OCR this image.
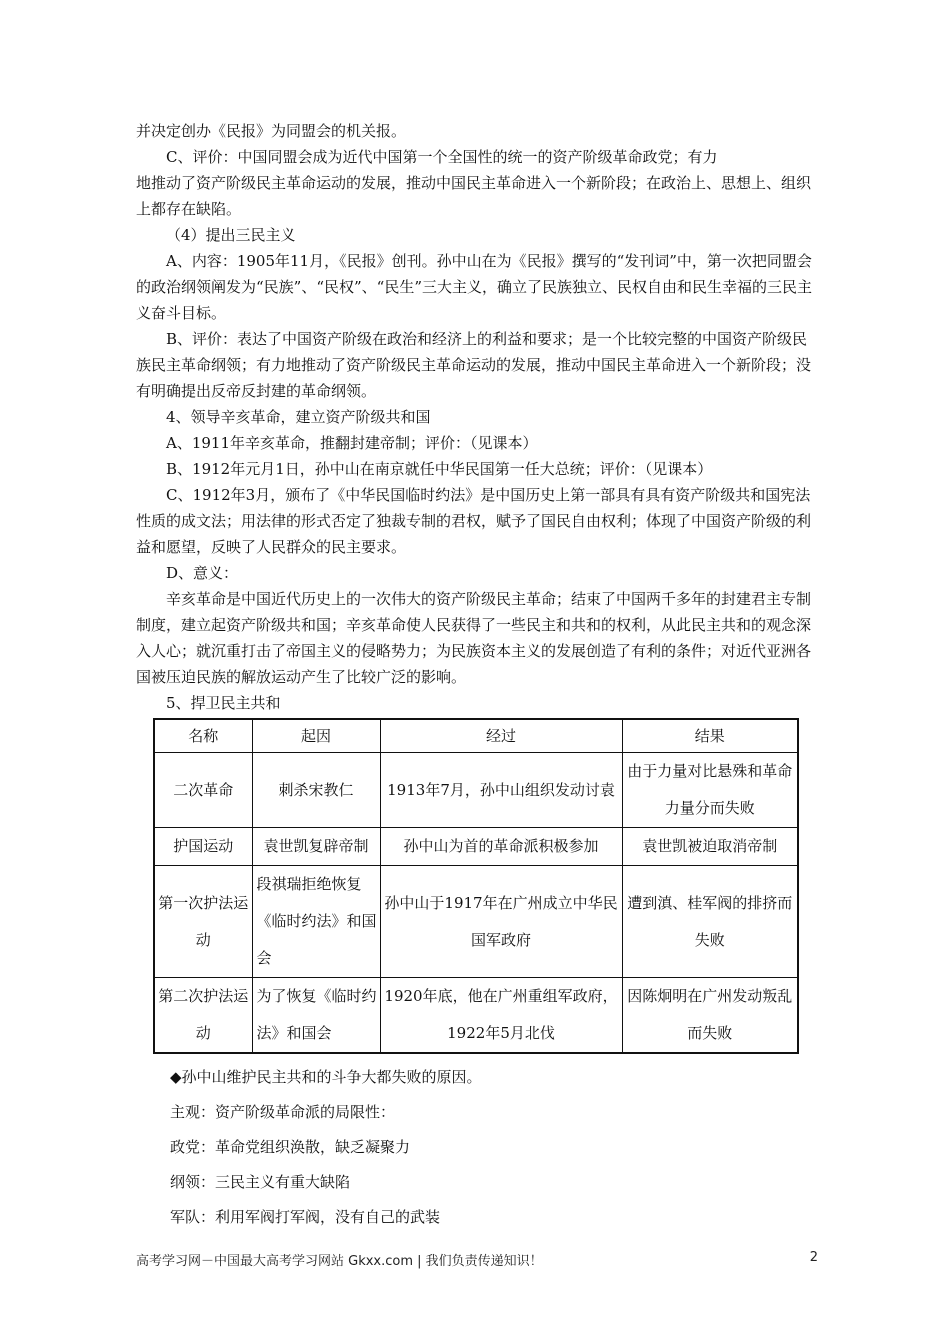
并决定创办《民报》为同盟会的机关报。

C、评价：中国同盟会成为近代中国第一个全国性的统一的资产阶级革命政党；有力

地推动了资产阶级民主革命运动的发展，推动中国民主革命进入一个新阶段；在政治上、思想上、组织上都存在缺陷。

（4）提出三民主义

A、内容：1905年11月，《民报》创刊。孙中山在为《民报》撰写的“发刊词”中，第一次把同盟会的政治纲领阐发为“民族”、“民权”、“民生”三大主义，确立了民族独立、民权自由和民生幸福的三民主义奋斗目标。

B、评价：表达了中国资产阶级在政治和经济上的利益和要求；是一个比较完整的中国资产阶级民族民主革命纲领；有力地推动了资产阶级民主革命运动的发展，推动中国民主革命进入一个新阶段；没有明确提出反帝反封建的革命纲领。

4、领导辛亥革命，建立资产阶级共和国

A、1911年辛亥革命，推翻封建帝制；评价：（见课本）

B、1912年元月1日，孙中山在南京就任中华民国第一任大总统；评价：（见课本）

C、1912年3月，颁布了《中华民国临时约法》是中国历史上第一部具有具有资产阶级共和国宪法性质的成文法；用法律的形式否定了独裁专制的君权，赋予了国民自由权利；体现了中国资产阶级的利益和愿望，反映了人民群众的民主要求。

D、意义：

辛亥革命是中国近代历史上的一次伟大的资产阶级民主革命；结束了中国两千多年的封建君主专制制度，建立起资产阶级共和国；辛亥革命使人民获得了一些民主和共和的权利，从此民主共和的观念深入人心；就沉重打击了帝国主义的侵略势力；为民族资本主义的发展创造了有利的条件；对近代亚洲各国被压迫民族的解放运动产生了比较广泛的影响。

5、捍卫民主共和

名称	起因	经过	结果
二次革命	刺杀宋教仁	1913年7月，孙中山组织发动讨袁	由于力量对比悬殊和革命力量分而失败
护国运动	袁世凯复辟帝制	孙中山为首的革命派积极参加	袁世凯被迫取消帝制
第一次护法运动	段祺瑞拒绝恢复《临时约法》和国会	孙中山于1917年在广州成立中华民国军政府	遭到滇、桂军阀的排挤而失败
第二次护法运动	为了恢复《临时约法》和国会	1920年底，他在广州重组军政府，1922年5月北伐	因陈炯明在广州发动叛乱而失败
◆孙中山维护民主共和的斗争大都失败的原因。
主观：资产阶级革命派的局限性：
政党：革命党组织涣散，缺乏凝聚力
纲领：三民主义有重大缺陷
军队：利用军阀打军阀，没有自己的武装
高考学习网－中国最大高考学习网站 Gkxx.com | 我们负责传递知识！	2
